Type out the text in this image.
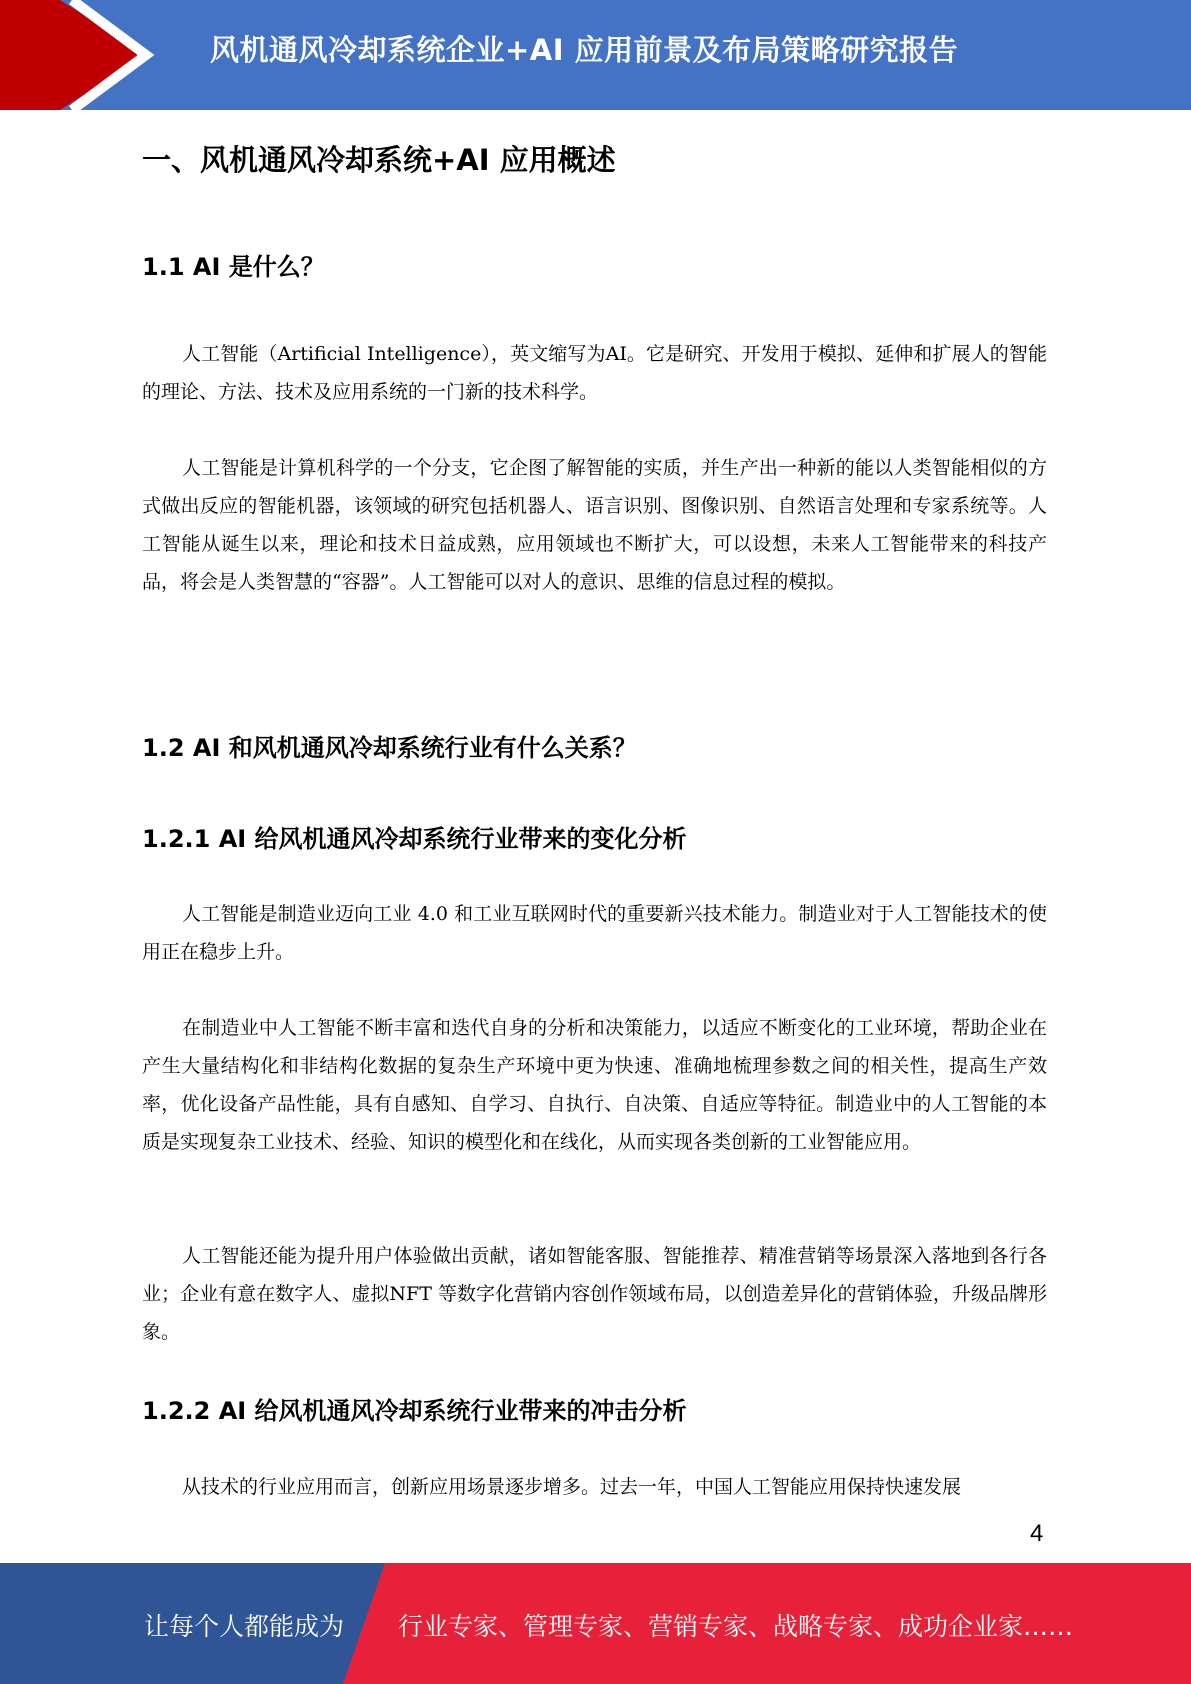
风机通风冷却系统企业+AI 应用前景及布局策略研究报告
一、风机通风冷却系统+AI 应用概述
1.1 AI 是什么？

人工智能（Artificial Intelligence），英文缩写为AI。它是研究、开发用于模拟、延伸和扩展人的智能的理论、方法、技术及应用系统的一门新的技术科学。

人工智能是计算机科学的一个分支，它企图了解智能的实质，并生产出一种新的能以人类智能相似的方式做出反应的智能机器，该领域的研究包括机器人、语言识别、图像识别、自然语言处理和专家系统等。人工智能从诞生以来，理论和技术日益成熟，应用领域也不断扩大，可以设想，未来人工智能带来的科技产品，将会是人类智慧的“容器”。人工智能可以对人的意识、思维的信息过程的模拟。

1.2 AI 和风机通风冷却系统行业有什么关系？
1.2.1 AI 给风机通风冷却系统行业带来的变化分析

人工智能是制造业迈向工业 4.0 和工业互联网时代的重要新兴技术能力。制造业对于人工智能技术的使用正在稳步上升。

在制造业中人工智能不断丰富和迭代自身的分析和决策能力，以适应不断变化的工业环境，帮助企业在产生大量结构化和非结构化数据的复杂生产环境中更为快速、准确地梳理参数之间的相关性，提高生产效率，优化设备产品性能，具有自感知、自学习、自执行、自决策、自适应等特征。制造业中的人工智能的本质是实现复杂工业技术、经验、知识的模型化和在线化，从而实现各类创新的工业智能应用。

人工智能还能为提升用户体验做出贡献，诸如智能客服、智能推荐、精准营销等场景深入落地到各行各业；企业有意在数字人、虚拟NFT 等数字化营销内容创作领域布局，以创造差异化的营销体验，升级品牌形象。

1.2.2 AI 给风机通风冷却系统行业带来的冲击分析

从技术的行业应用而言，创新应用场景逐步增多。过去一年，中国人工智能应用保持快速发展

4
让每个人都能成为 行业专家、管理专家、营销专家、战略专家、成功企业家……
